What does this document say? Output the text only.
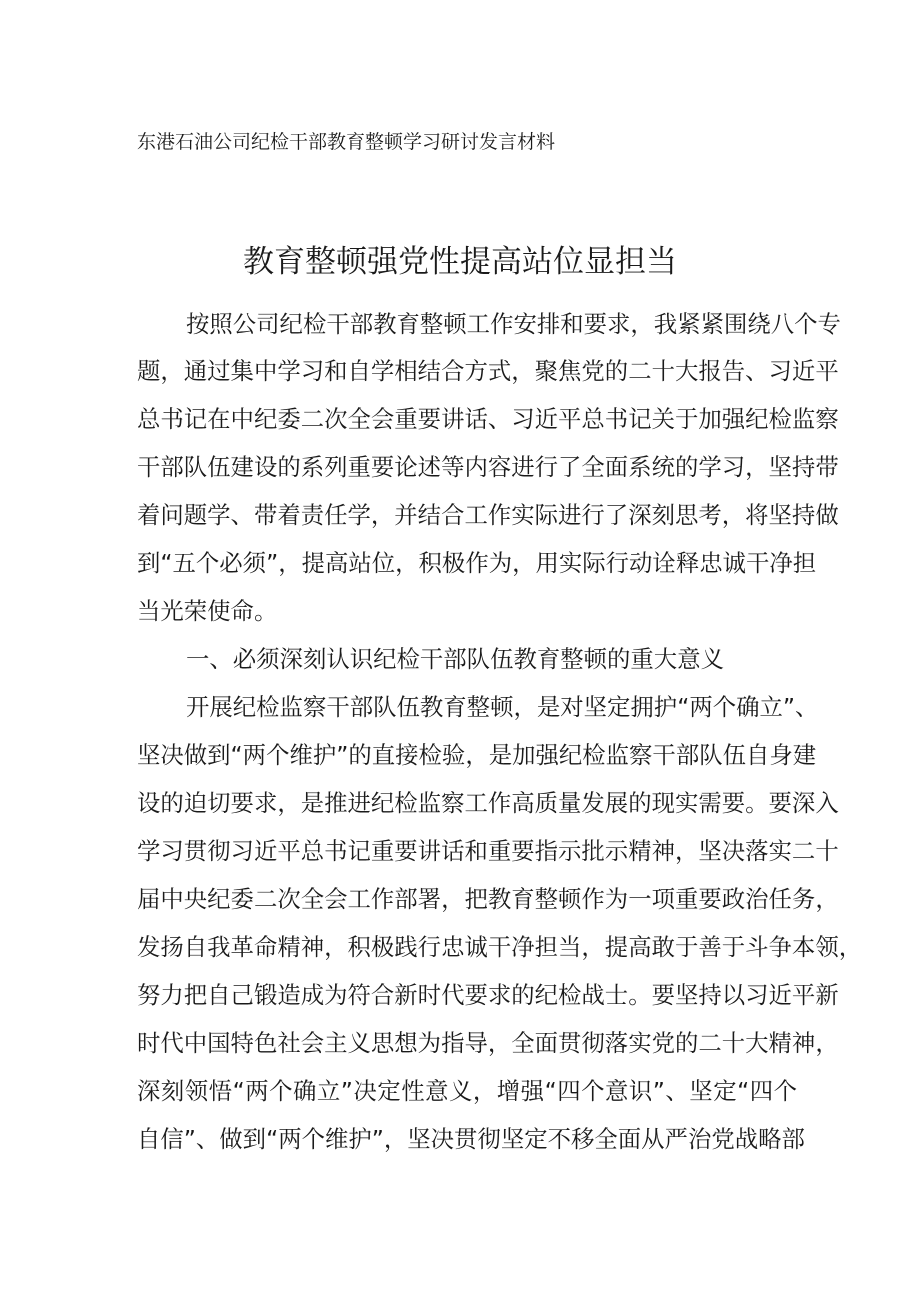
东港石油公司纪检干部教育整顿学习研讨发言材料
教育整顿强党性提高站位显担当
按照公司纪检干部教育整顿工作安排和要求，我紧紧围绕八个专
题，通过集中学习和自学相结合方式，聚焦党的二十大报告、习近平
总书记在中纪委二次全会重要讲话、习近平总书记关于加强纪检监察
干部队伍建设的系列重要论述等内容进行了全面系统的学习，坚持带
着问题学、带着责任学，并结合工作实际进行了深刻思考，将坚持做
到“五个必须”，提高站位，积极作为，用实际行动诠释忠诚干净担
当光荣使命。
一、必须深刻认识纪检干部队伍教育整顿的重大意义
开展纪检监察干部队伍教育整顿，是对坚定拥护“两个确立”、
坚决做到“两个维护”的直接检验，是加强纪检监察干部队伍自身建
设的迫切要求，是推进纪检监察工作高质量发展的现实需要。要深入
学习贯彻习近平总书记重要讲话和重要指示批示精神，坚决落实二十
届中央纪委二次全会工作部署，把教育整顿作为一项重要政治任务，
发扬自我革命精神，积极践行忠诚干净担当，提高敢于善于斗争本领，
努力把自己锻造成为符合新时代要求的纪检战士。要坚持以习近平新
时代中国特色社会主义思想为指导，全面贯彻落实党的二十大精神，
深刻领悟“两个确立”决定性意义，增强“四个意识”、坚定“四个
自信”、做到“两个维护”，坚决贯彻坚定不移全面从严治党战略部
